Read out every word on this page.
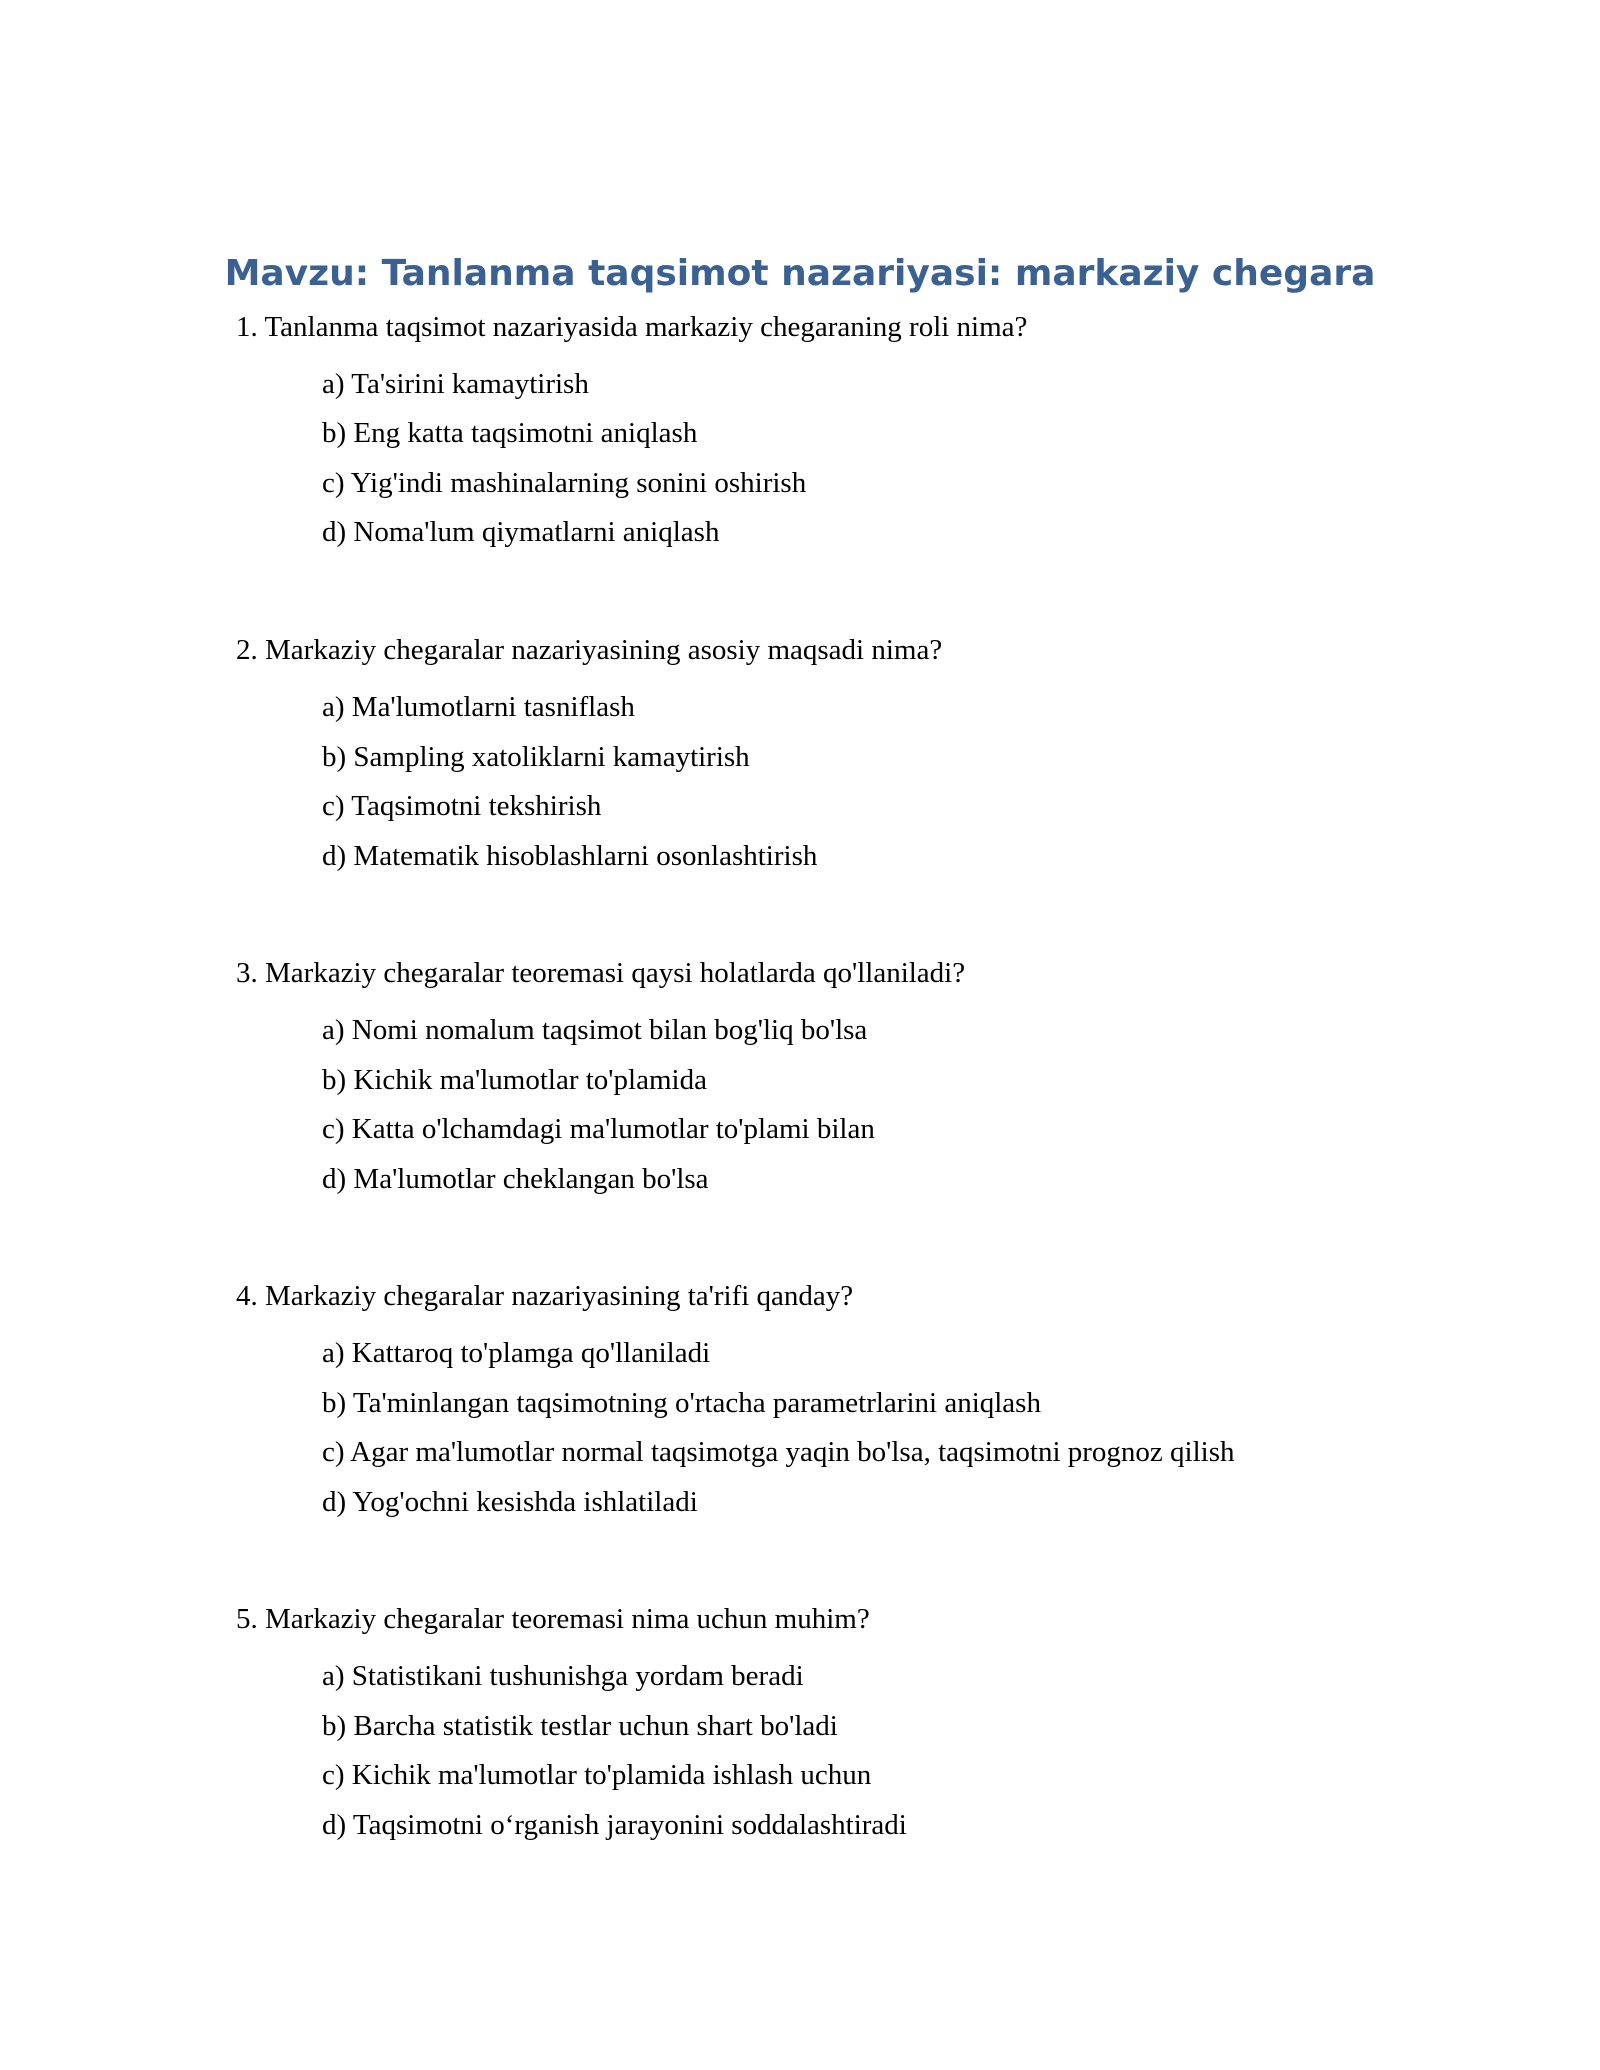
Mavzu: Tanlanma taqsimot nazariyasi: markaziy chegara

1. Tanlanma taqsimot nazariyasida markaziy chegaraning roli nima?

a) Ta'sirini kamaytirish

b) Eng katta taqsimotni aniqlash

c) Yig'indi mashinalarning sonini oshirish

d) Noma'lum qiymatlarni aniqlash

2. Markaziy chegaralar nazariyasining asosiy maqsadi nima?

a) Ma'lumotlarni tasniflash

b) Sampling xatoliklarni kamaytirish

c) Taqsimotni tekshirish

d) Matematik hisoblashlarni osonlashtirish

3. Markaziy chegaralar teoremasi qaysi holatlarda qo'llaniladi?

a) Nomi nomalum taqsimot bilan bog'liq bo'lsa

b) Kichik ma'lumotlar to'plamida

c) Katta o'lchamdagi ma'lumotlar to'plami bilan

d) Ma'lumotlar cheklangan bo'lsa

4. Markaziy chegaralar nazariyasining ta'rifi qanday?

a) Kattaroq to'plamga qo'llaniladi

b) Ta'minlangan taqsimotning o'rtacha parametrlarini aniqlash

c) Agar ma'lumotlar normal taqsimotga yaqin bo'lsa, taqsimotni prognoz qilish

d) Yog'ochni kesishda ishlatiladi

5. Markaziy chegaralar teoremasi nima uchun muhim?

a) Statistikani tushunishga yordam beradi

b) Barcha statistik testlar uchun shart bo'ladi

c) Kichik ma'lumotlar to'plamida ishlash uchun

d) Taqsimotni o‘rganish jarayonini soddalashtiradi
